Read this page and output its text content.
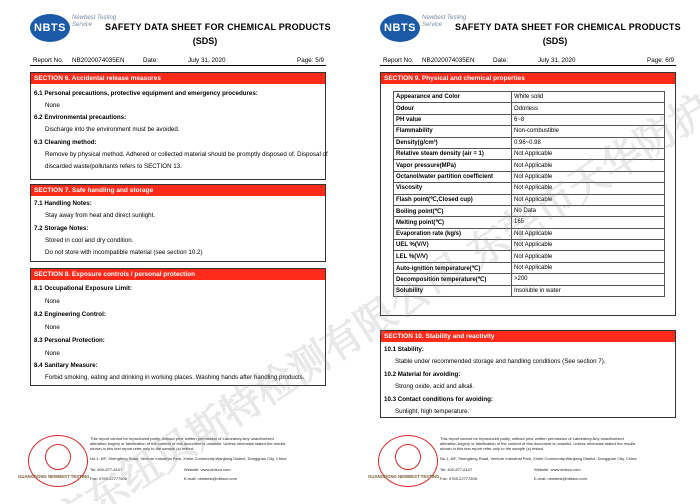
NBTS
Newbest Testing Service	SAFETY DATA SHEET FOR CHEMICAL PRODUCTS
(SDS)
Report No. NB2020074035EN	Date:	July 31, 2020	Page: 5/9
SECTION 6. Accidental release measures
6.1 Personal precautions, protective equipment and emergency procedures:
None
6.2 Environmental precautions:
Discharge into the environment must be avoided.
6.3 Cleaning method:
Remove by physical method. Adhered or collected material should be promptly disposed of. Disposal of
discarded waste/pollutants refers to SECTION 13.
SECTION 7. Safe handling and storage
7.1 Handling Notes:
Stay away from heat and direct sunlight.
7.2 Storage Notes:
Stored in cool and dry condition.
Do not store with incompatible material (see section 10.2)
SECTION 8. Exposure controls / personal protection
8.1 Occupational Exposure Limit:
None
8.2 Engineering Control:
None
8.3 Personal Protection:
None
8.4 Sanitary Measure:
Forbid smoking, eating and drinking in working places. Washing hands after handling products.
GUANGDONG NEWBEST TESTING
This report cannot be reproduced partly, without prior written permission of Laboratory.Any unauthorized
alteration,forgery or falsification of the content of this document is unlawful. Unless otherwise stated the results
shown in this test report refer only to the sample (s) tested.
No.1, 8/F, Shengfeng Road, Venture Industrial Park, Xinhe Community,Wanjiang District, Dongguan City, China
Tel: 400-877-6107	Website: www.nbtscn.com
Fax: 0769-22777506	E-mail: newbest@nbtscn.com
NBTS
Newbest Testing Service	SAFETY DATA SHEET FOR CHEMICAL PRODUCTS
(SDS)
Report No. NB2020074035EN	Date:	July 31, 2020	Page: 6/9
SECTION 9. Physical and chemical properties
Appearance and Color	White solid
Odour	Odorless
PH value	6~8
Flammability	Non-combustible
Density(g/cm³)	0.96~0.98
Relative steam density (air = 1)	Not Applicable
Vapor pressure(MPa)	Not Applicable
Octanol/water partition coefficient	Not Applicable
Viscosity	Not Applicable
Flash point(℃,Closed cup)	Not Applicable
Boiling point(℃)	No Data
Melting point(℃)	165
Evaporation rate (kg/s)	Not Applicable
UEL %(V/V)	Not Applicable
LEL %(V/V)	Not Applicable
Auto-ignition temperature(℃)	Not Applicable
Decomposition temperature(℃)	>200
Solubility	Insoluble in water
SECTION 10. Stability and reactivity
10.1 Stability:
Stable under recommended storage and handling conditions (See section 7).
10.2 Material for avoiding:
Strong oxide, acid and alkali.
10.3 Contact conditions for avoiding:
Sunlight, high temperature.
GUANGDONG NEWBEST TESTING
This report cannot be reproduced partly, without prior written permission of Laboratory.Any unauthorized
alteration,forgery or falsification of the content of this document is unlawful. Unless otherwise stated the results
shown in this test report refer only to the sample (s) tested.
No.1, 8/F, Shengfeng Road, Venture Industrial Park, Xinhe Community,Wanjiang District, Dongguan City, China
Tel: 400-877-6107	Website: www.nbtscn.com
Fax: 0769-22777506	E-mail: newbest@nbtscn.com
广东纽贝斯特检测有限公司
